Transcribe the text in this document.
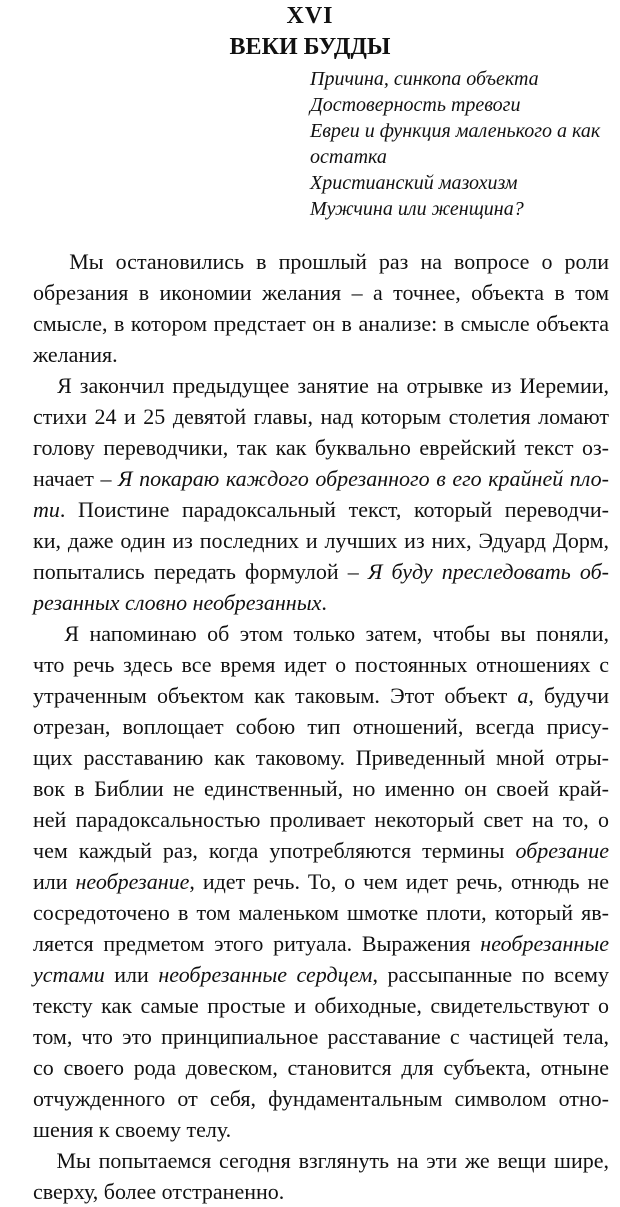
XVI
ВЕКИ БУДДЫ
Причина, синкопа объекта
Достоверность тревоги
Евреи и функция маленького a как
остатка
Христианский мазохизм
Мужчина или женщина?

Мы остановились в прошлый раз на вопросе о роли
обрезания в икономии желания – а точнее, объекта в том
смысле, в котором предстает он в анализе: в смысле объекта
желания.

Я закончил предыдущее занятие на отрывке из Иеремии,
стихи 24 и 25 девятой главы, над которым столетия ломают
голову переводчики, так как буквально еврейский текст оз-
начает – Я покараю каждого обрезанного в его крайней пло-
ти. Поистине парадоксальный текст, который переводчи-
ки, даже один из последних и лучших из них, Эдуард Дорм,
попытались передать формулой – Я буду преследовать об-
резанных словно необрезанных.

Я напоминаю об этом только затем, чтобы вы поняли,
что речь здесь все время идет о постоянных отношениях с
утраченным объектом как таковым. Этот объект a, будучи
отрезан, воплощает собою тип отношений, всегда прису-
щих расставанию как таковому. Приведенный мной отры-
вок в Библии не единственный, но именно он своей край-
ней парадоксальностью проливает некоторый свет на то, о
чем каждый раз, когда употребляются термины обрезание
или необрезание, идет речь. То, о чем идет речь, отнюдь не
сосредоточено в том маленьком шмотке плоти, который яв-
ляется предметом этого ритуала. Выражения необрезанные
устами или необрезанные сердцем, рассыпанные по всему
тексту как самые простые и обиходные, свидетельствуют о
том, что это принципиальное расставание с частицей тела,
со своего рода довеском, становится для субъекта, отныне
отчужденного от себя, фундаментальным символом отно-
шения к своему телу.

Мы попытаемся сегодня взглянуть на эти же вещи шире,
сверху, более отстраненно.
